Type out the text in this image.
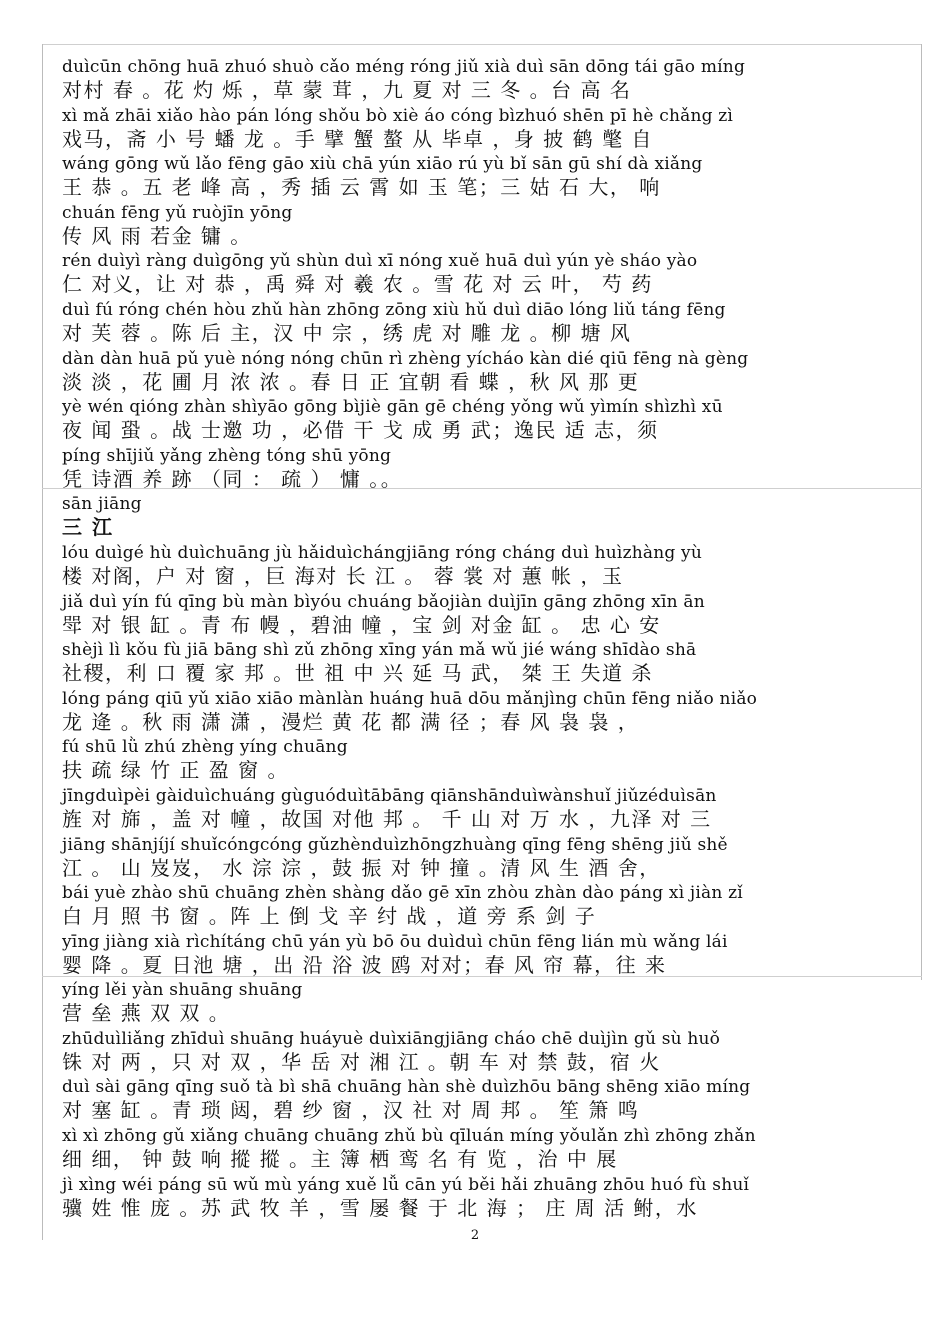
duìcūn chōng huā zhuó shuò cǎo méng róng jiǔ xià duì sān dōng tái gāo míng
对村 春 。花 灼 烁 ，草 蒙 茸 ，九 夏 对 三 冬 。台 高 名
xì mǎ zhāi xiǎo hào pán lóng shǒu bò xiè áo cóng bìzhuó shēn pī hè chǎng zì
戏马，斋 小 号 蟠 龙 。手 擘 蟹 螯 从 毕卓 ，身 披 鹤 氅 自
wáng gōng wǔ lǎo fēng gāo xiù chā yún xiāo rú yù bǐ sān gū shí dà xiǎng
王 恭 。五 老 峰 高 ，秀 插 云 霄 如 玉 笔；三 姑 石 大， 响
chuán fēng yǔ ruòjīn yōng
传 风 雨 若金 镛 。
rén duìyì ràng duìgōng yǔ shùn duì xī nóng xuě huā duì yún yè sháo yào
仁 对义，让 对 恭 ，禹 舜 对 羲 农 。雪 花 对 云 叶， 芍 药
duì fú róng chén hòu zhǔ hàn zhōng zōng xiù hǔ duì diāo lóng liǔ táng fēng
对 芙 蓉 。陈 后 主，汉 中 宗 ，绣 虎 对 雕 龙 。柳 塘 风
dàn dàn huā pǔ yuè nóng nóng chūn rì zhèng yícháo kàn dié qiū fēng nà gèng
淡 淡 ，花 圃 月 浓 浓 。春 日 正 宜朝 看 蝶 ，秋 风 那 更
yè wén qióng zhàn shìyāo gōng bìjiè gān gē chéng yǒng wǔ yìmín shìzhì xū
夜 闻 蛩 。战 士邀 功 ，必借 干 戈 成 勇 武；逸民 适 志，须
píng shījiǔ yǎng zhèng tóng shū yōng
凭 诗酒 养 跡 （同 ： 疏 ） 慵 。。
sān jiāng
三 江
lóu duìgé hù duìchuāng jù hǎiduìchángjiāng róng cháng duì huìzhàng yù
楼 对阁，户 对 窗 ，巨 海对 长 江 。 蓉 裳 对 蕙 帐 ，玉
jiǎ duì yín fú qīng bù màn bìyóu chuáng bǎojiàn duìjīn gāng zhōng xīn ān
斝 对 银 缸 。青 布 幔 ，碧油 幢 ，宝 剑 对金 缸 。 忠 心 安
shèjì lì kǒu fù jiā bāng shì zǔ zhōng xīng yán mǎ wǔ jié wáng shīdào shā
社稷，利 口 覆 家 邦 。世 祖 中 兴 延 马 武， 桀 王 失道 杀
lóng páng qiū yǔ xiāo xiāo mànlàn huáng huā dōu mǎnjìng chūn fēng niǎo niǎo
龙 逄 。秋 雨 潇 潇 ，漫烂 黄 花 都 满 径 ；春 风 袅 袅 ，
fú shū lǜ zhú zhèng yíng chuāng
扶 疏 绿 竹 正 盈 窗 。
jīngduìpèi gàiduìchuáng gùguóduìtābāng qiānshānduìwànshuǐ jiǔzéduìsān
旌 对 旆 ，盖 对 幢 ，故国 对他 邦 。 千 山 对 万 水 ，九泽 对 三
jiāng shānjíjí shuǐcóngcóng gǔzhènduìzhōngzhuàng qīng fēng shēng jiǔ shě
江 。 山 岌岌， 水 淙 淙 ，鼓 振 对 钟 撞 。清 风 生 酒 舍，
bái yuè zhào shū chuāng zhèn shàng dǎo gē xīn zhòu zhàn dào páng xì jiàn zǐ
白 月 照 书 窗 。阵 上 倒 戈 辛 纣 战 ，道 旁 系 剑 子
yīng jiàng xià rìchítáng chū yán yù bō ōu duìduì chūn fēng lián mù wǎng lái
婴 降 。夏 日池 塘 ，出 沿 浴 波 鸥 对对；春 风 帘 幕，往 来
yíng lěi yàn shuāng shuāng
营 垒 燕 双 双 。
zhūduìliǎng zhīduì shuāng huáyuè duìxiāngjiāng cháo chē duìjìn gǔ sù huǒ
铢 对 两 ，只 对 双 ，华 岳 对 湘 江 。朝 车 对 禁 鼓，宿 火
duì sài gāng qīng suǒ tà bì shā chuāng hàn shè duìzhōu bāng shēng xiāo míng
对 塞 缸 。青 琐 闼，碧 纱 窗 ，汉 社 对 周 邦 。 笙 箫 鸣
xì xì zhōng gǔ xiǎng chuāng chuāng zhǔ bù qīluán míng yǒulǎn zhì zhōng zhǎn
细 细， 钟 鼓 响 摐 摐 。主 簿 栖 鸾 名 有 览 ，治 中 展
jì xìng wéi páng sū wǔ mù yáng xuě lǚ cān yú běi hǎi zhuāng zhōu huó fù shuǐ
骥 姓 惟 庞 。苏 武 牧 羊 ，雪 屡 餐 于 北 海 ； 庄 周 活 鲋，水
2
